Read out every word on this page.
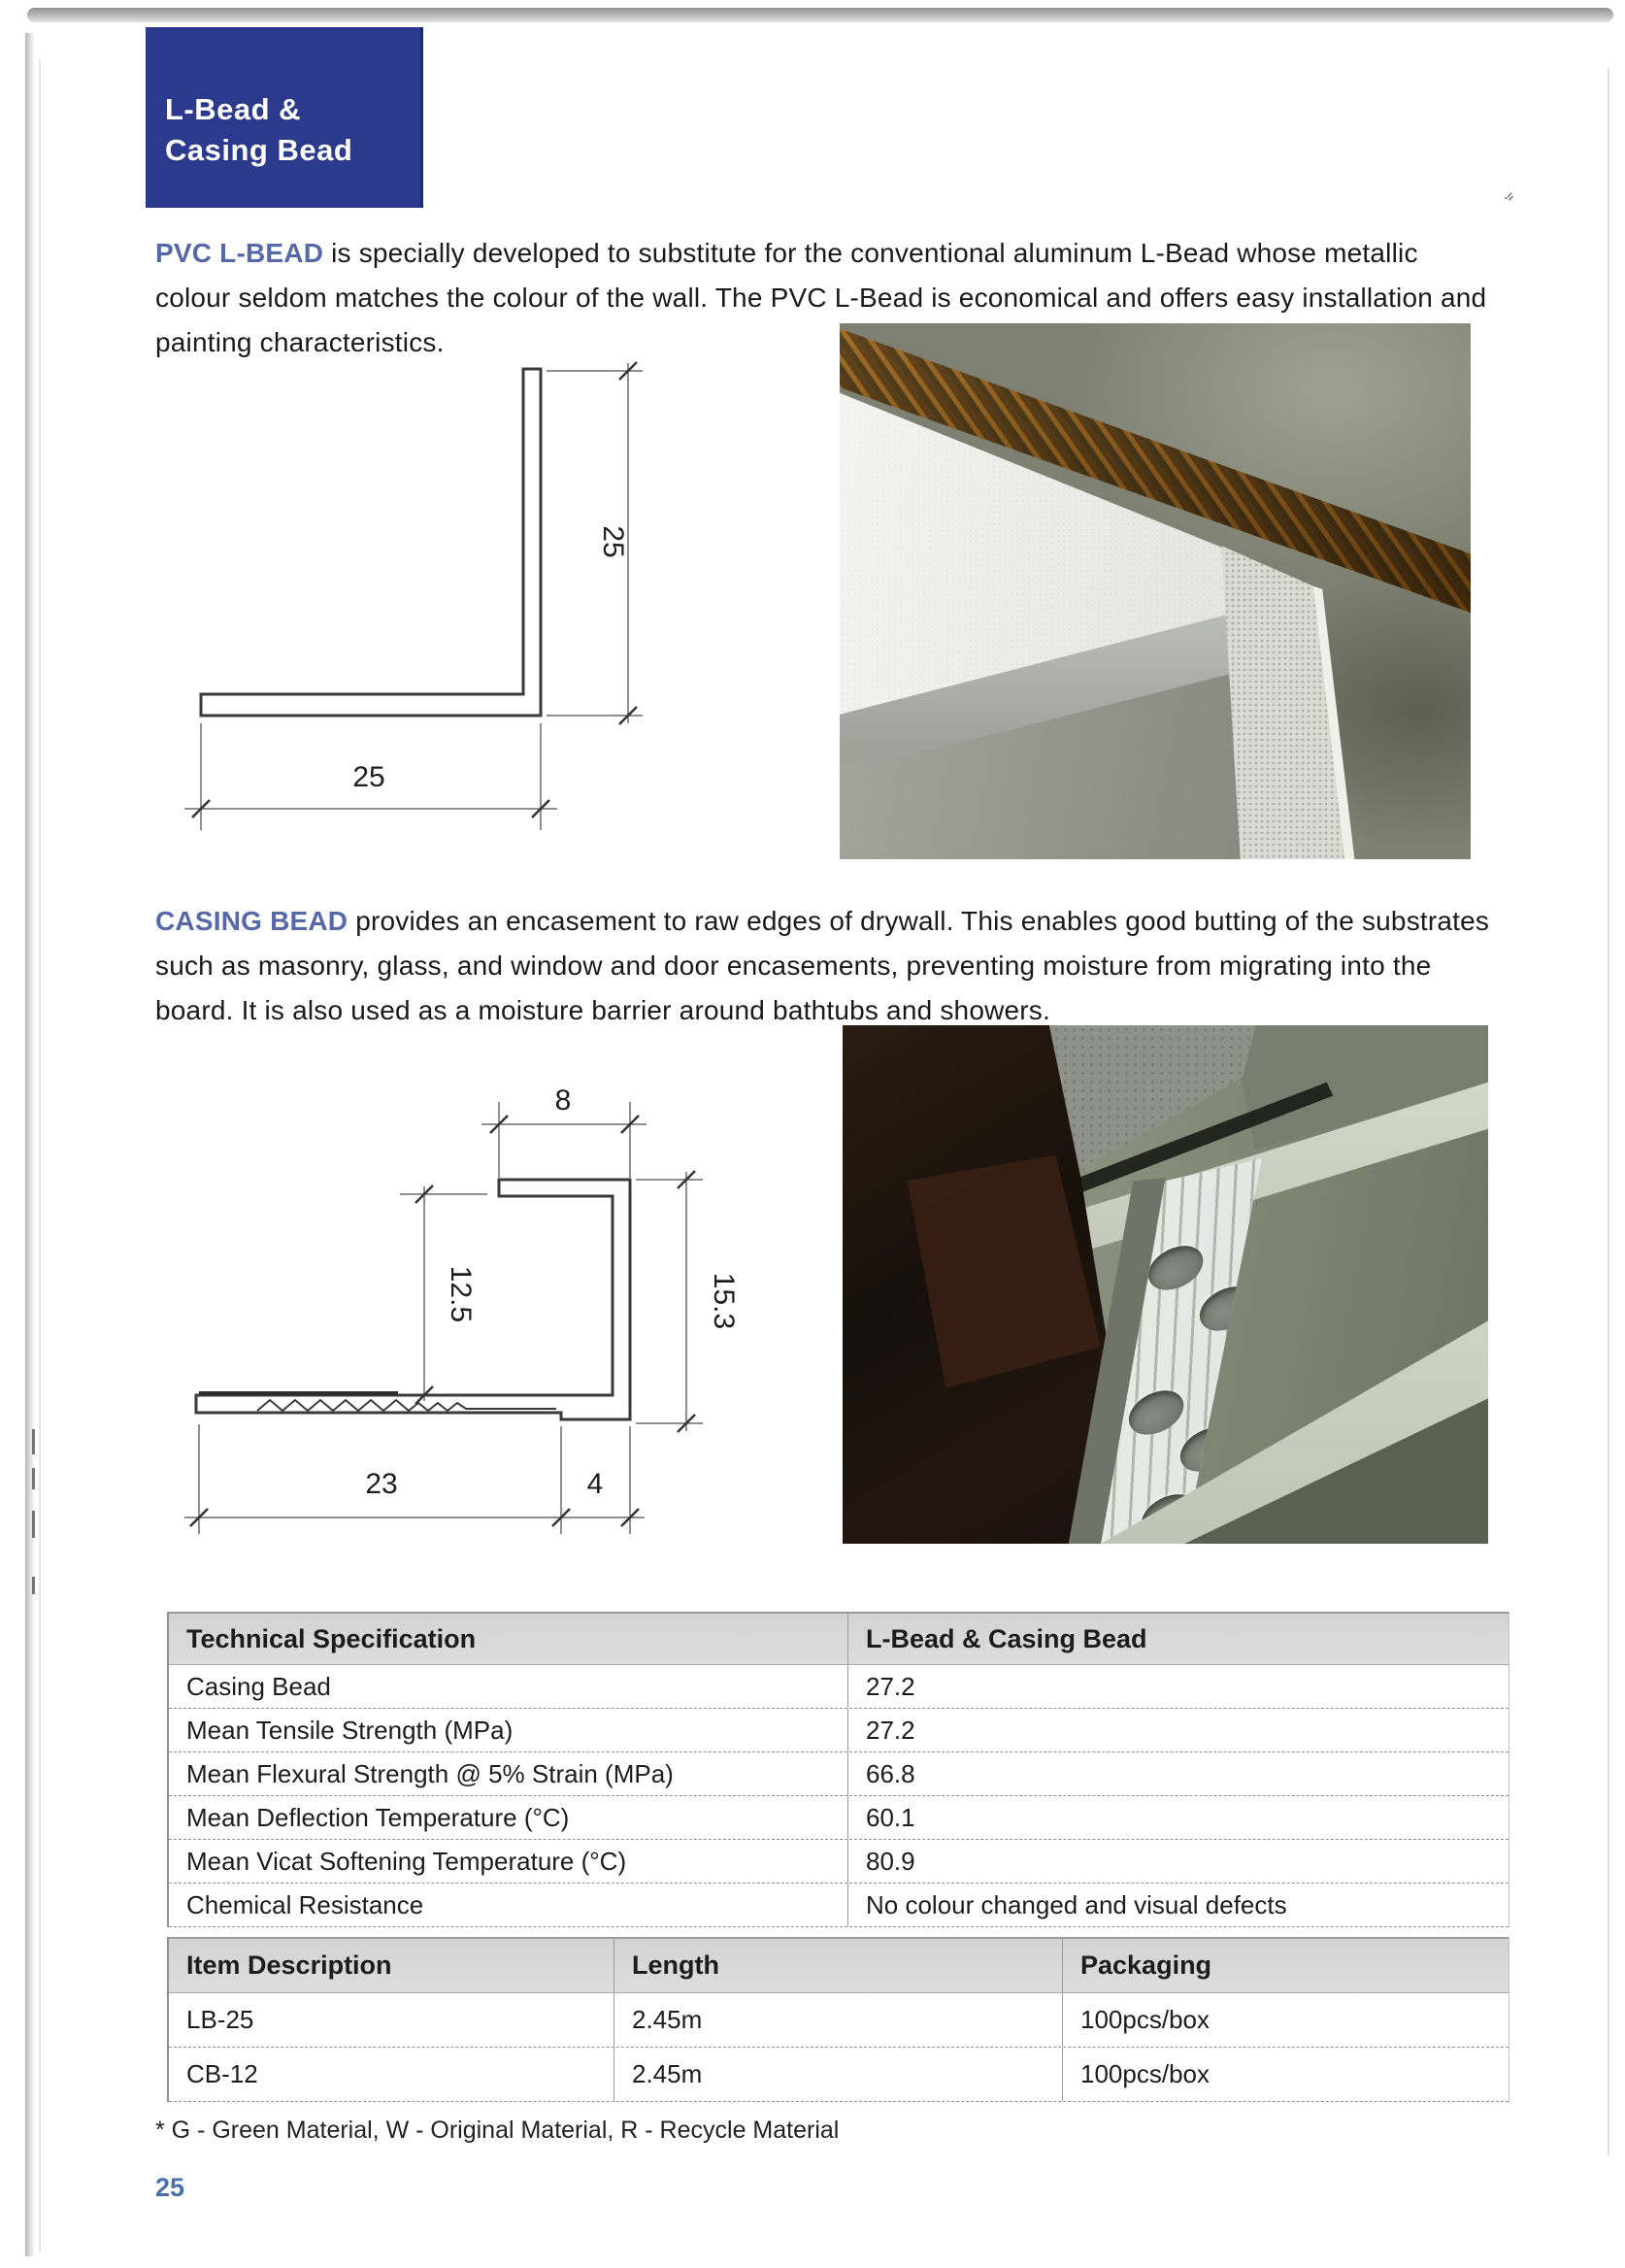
·⸗
L-Bead &
Casing Bead
PVC L-BEAD is specially developed to substitute for the conventional aluminum L-Bead whose metallic colour seldom matches the colour of the wall. The PVC L-Bead is economical and offers easy installation and painting characteristics.
25
25
CASING BEAD provides an encasement to raw edges of drywall. This enables good butting of the substrates such as masonry, glass, and window and door encasements, preventing moisture from migrating into the board. It is also used as a moisture barrier around bathtubs and showers.
8
12.5	15.3
23	4
Technical Specification	L-Bead & Casing Bead
Casing Bead	27.2
Mean Tensile Strength (MPa)	27.2
Mean Flexural Strength @ 5% Strain (MPa)	66.8
Mean Deflection Temperature (°C)	60.1
Mean Vicat Softening Temperature (°C)	80.9
Chemical Resistance	No colour changed and visual defects
Item Description	Length	Packaging
LB-25	2.45m	100pcs/box
CB-12	2.45m	100pcs/box
* G - Green Material, W - Original Material, R - Recycle Material
25
